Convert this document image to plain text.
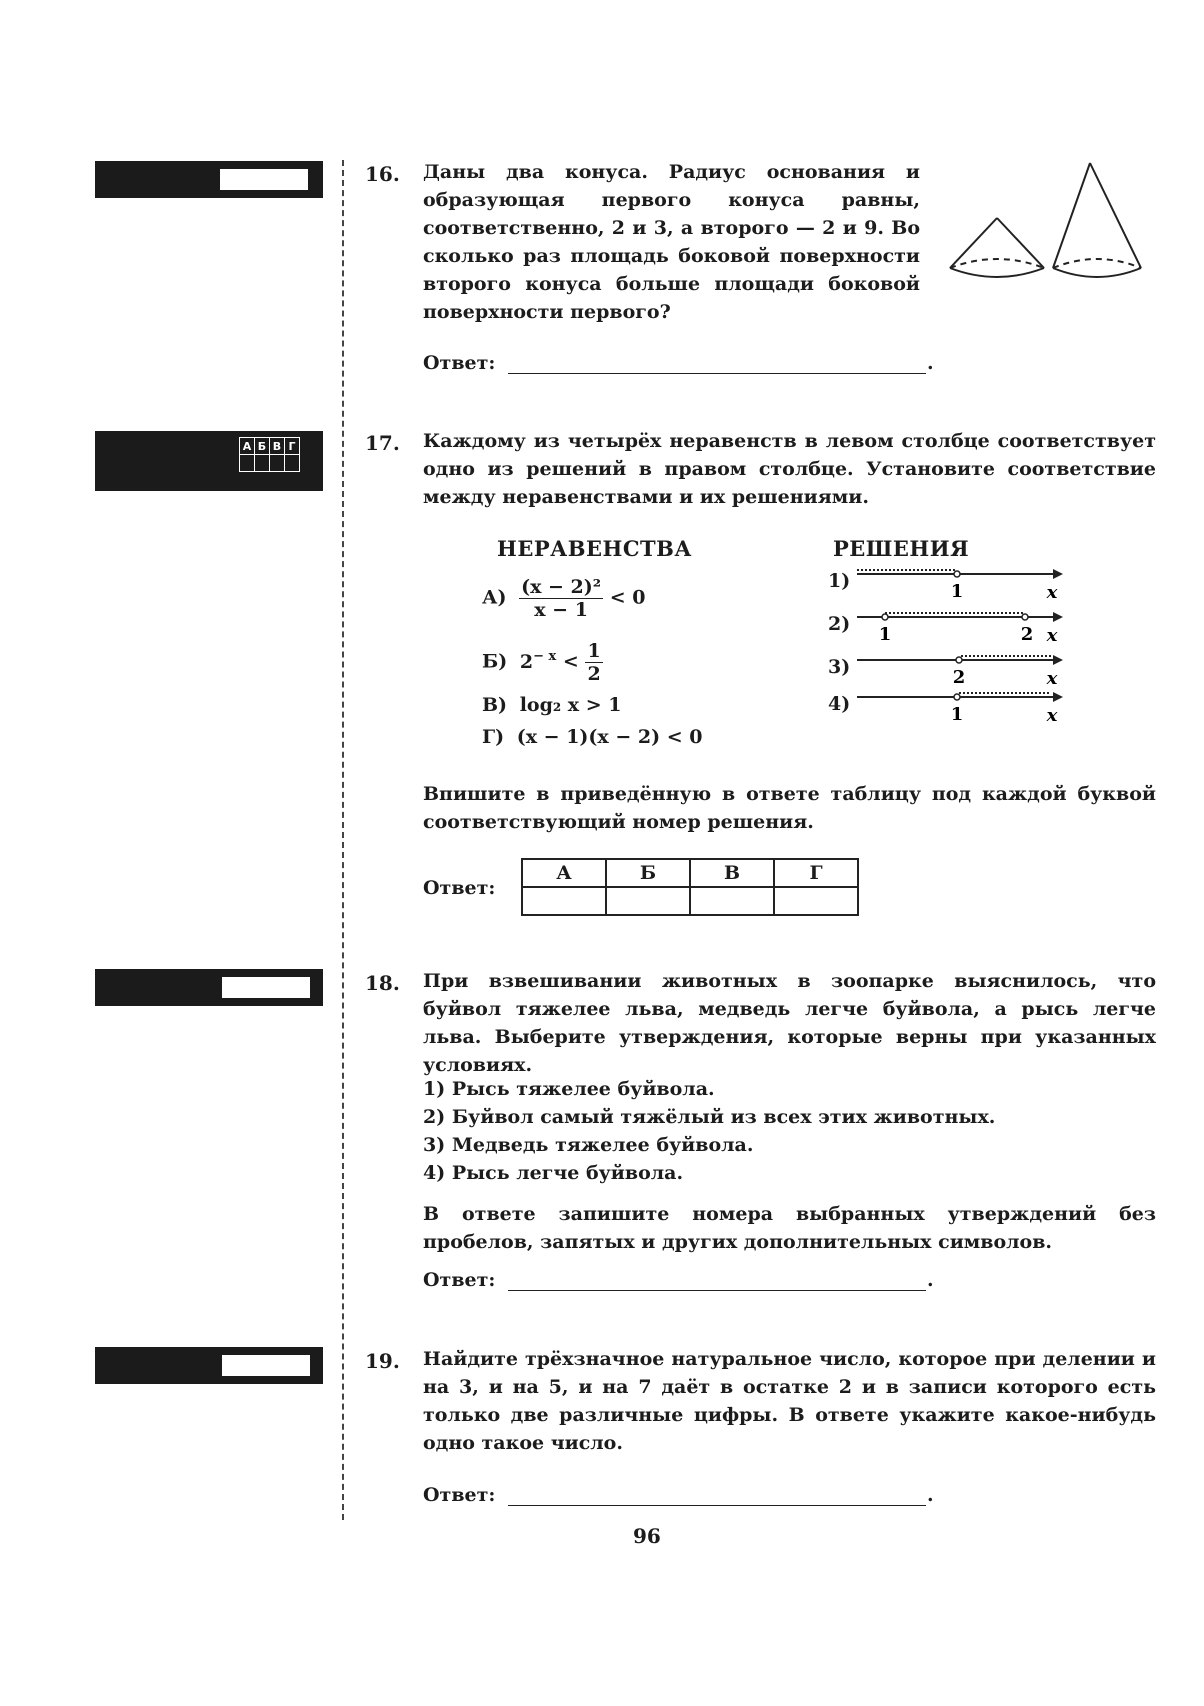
А	Б	В	Г

16. Даны два конуса. Радиус основания и образующая первого конуса равны, соответственно, 2 и 3, а второго — 2 и 9. Во сколько раз площадь боковой поверхности второго конуса больше площади боковой поверхности первого?
Ответ:	.
17. Каждому из четырёх неравенств в левом столбце соответствует одно из решений в правом столбце. Установите соответствие между неравенствами и их решениями.
НЕРАВЕНСТВА	РЕШЕНИЯ
$А) \frac{\text{(x − 2)²}}{x - 1} < 0$
Б) $2^{- x} < \frac{1}{2}$
В) log₂ x > 1
Г) (x − 1)(x − 2) < 0
1)	1	x
2) 1	2 x
3)	2	x
4)	1	x
Впишите в приведённую в ответе таблицу под каждой буквой соответствующий номер решения.
Ответ:
А	Б	В	Г

18. При взвешивании животных в зоопарке выяснилось, что буйвол тяжелее льва, медведь легче буйвола, а рысь легче льва. Выберите утверждения, которые верны при указанных условиях.
1) Рысь тяжелее буйвола.
2) Буйвол самый тяжёлый из всех этих животных.
3) Медведь тяжелее буйвола.
4) Рысь легче буйвола.
В ответе запишите номера выбранных утверждений без пробелов, запятых и других дополнительных символов.
Ответ:	.
19. Найдите трёхзначное натуральное число, которое при делении и на 3, и на 5, и на 7 даёт в остатке 2 и в записи которого есть только две различные цифры. В ответе укажите какое-нибудь одно такое число.
Ответ:	.
96
